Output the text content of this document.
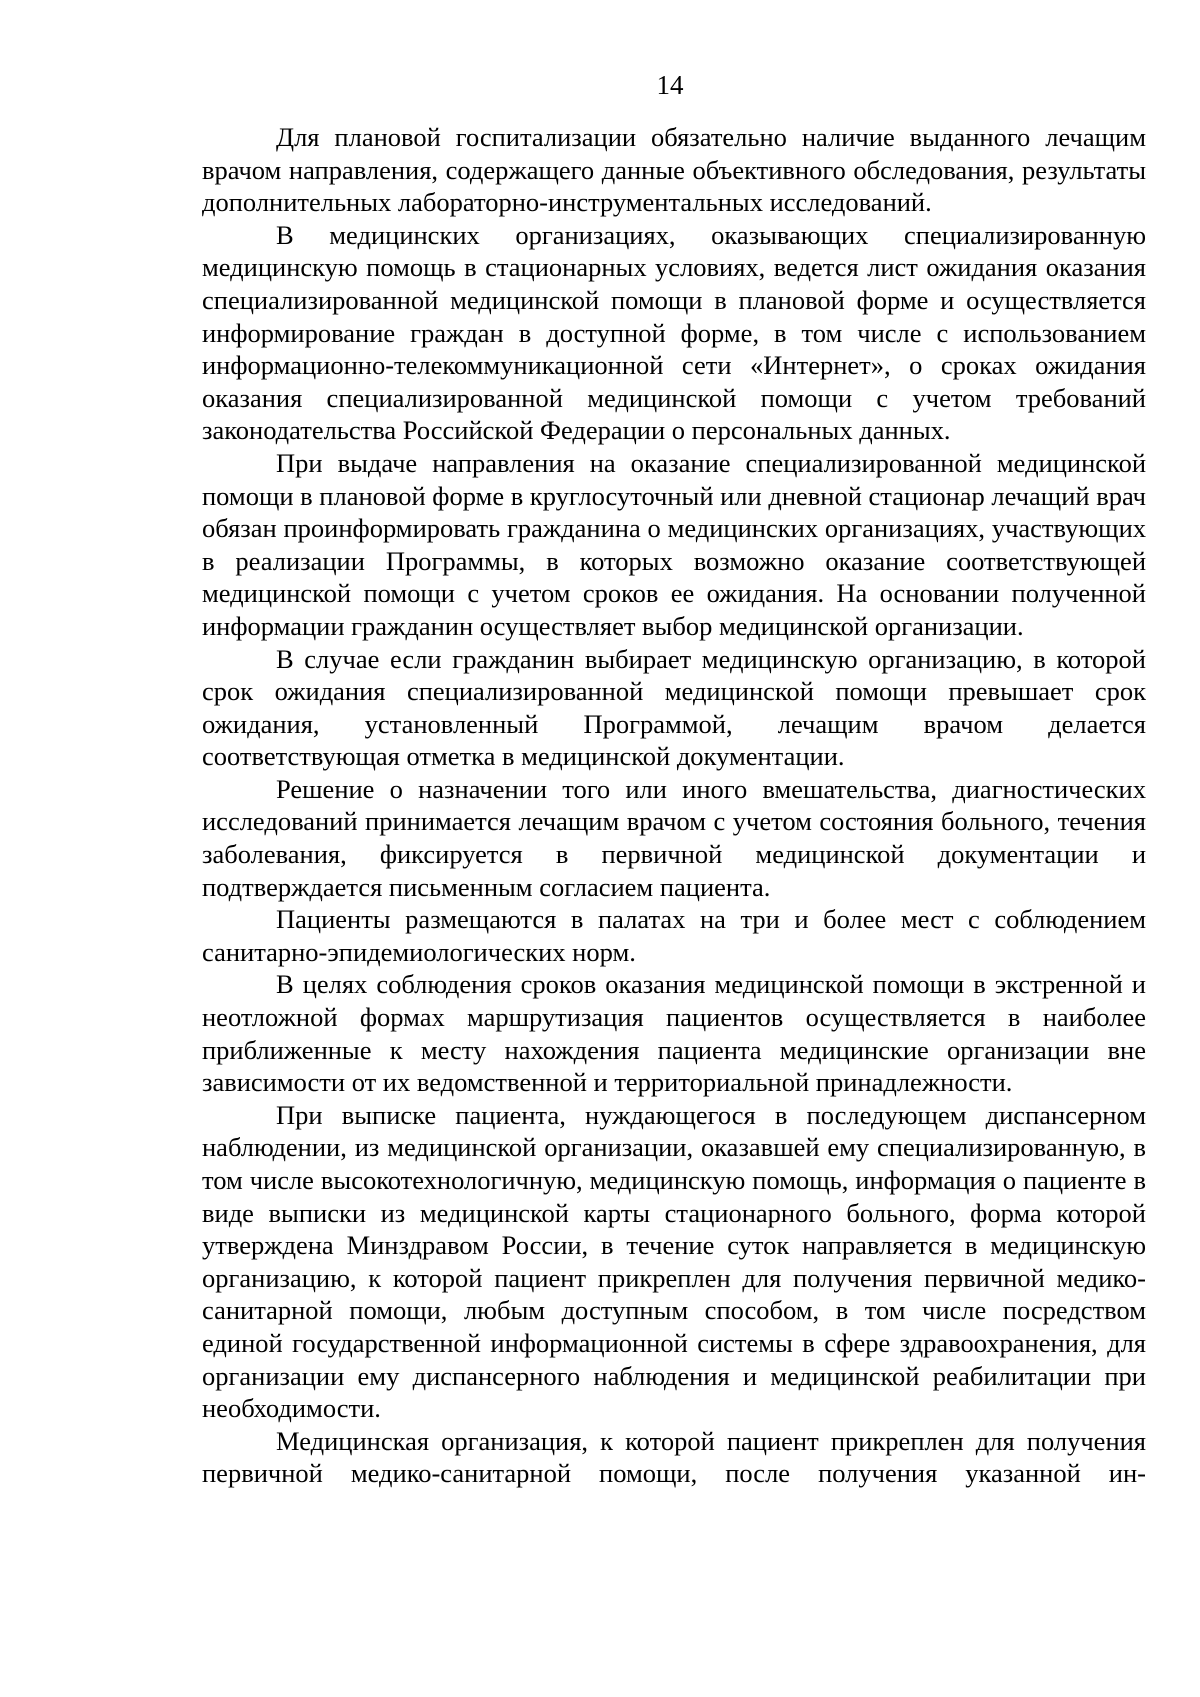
14

Для плановой госпитализации обязательно наличие выданного лечащим врачом направления, содержащего данные объективного обследования, результаты дополнительных лабораторно-инструментальных исследований.

В медицинских организациях, оказывающих специализированную медицинскую помощь в стационарных условиях, ведется лист ожидания оказания специализированной медицинской помощи в плановой форме и осуществляется информирование граждан в доступной форме, в том числе с использованием информационно-телекоммуникационной сети «Интернет», о сроках ожидания оказания специализированной медицинской помощи с учетом требований законодательства Российской Федерации о персональных данных.

При выдаче направления на оказание специализированной медицинской помощи в плановой форме в круглосуточный или дневной стационар лечащий врач обязан проинформировать гражданина о медицинских организациях, участвующих в реализации Программы, в которых возможно оказание соответствующей медицинской помощи с учетом сроков ее ожидания. На основании полученной информации гражданин осуществляет выбор медицинской организации.

В случае если гражданин выбирает медицинскую организацию, в которой срок ожидания специализированной медицинской помощи превышает срок ожидания, установленный Программой, лечащим врачом делается соответствующая отметка в медицинской документации.

Решение о назначении того или иного вмешательства, диагностических исследований принимается лечащим врачом с учетом состояния больного, течения заболевания, фиксируется в первичной медицинской документации и подтверждается письменным согласием пациента.

Пациенты размещаются в палатах на три и более мест с соблюдением санитарно-эпидемиологических норм.

В целях соблюдения сроков оказания медицинской помощи в экстренной и неотложной формах маршрутизация пациентов осуществляется в наиболее приближенные к месту нахождения пациента медицинские организации вне зависимости от их ведомственной и территориальной принадлежности.

При выписке пациента, нуждающегося в последующем диспансерном наблюдении, из медицинской организации, оказавшей ему специализированную, в том числе высокотехнологичную, медицинскую помощь, информация о пациенте в виде выписки из медицинской карты стационарного больного, форма которой утверждена Минздравом России, в течение суток направляется в медицинскую организацию, к которой пациент прикреплен для получения первичной медико-санитарной помощи, любым доступным способом, в том числе посредством единой государственной информационной системы в сфере здравоохранения, для организации ему диспансерного наблюдения и медицинской реабилитации при необходимости.

Медицинская организация, к которой пациент прикреплен для получения первичной медико-санитарной помощи, после получения указанной ин-
